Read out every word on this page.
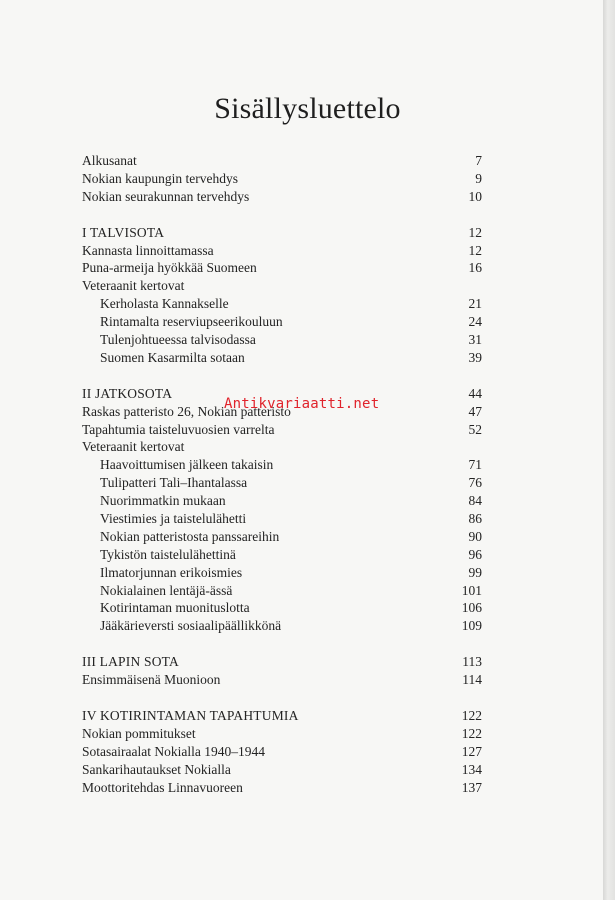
Sisällysluettelo
Alkusanat	7
Nokian kaupungin tervehdys	9
Nokian seurakunnan tervehdys	10
I TALVISOTA	12
Kannasta linnoittamassa	12
Puna-armeija hyökkää Suomeen	16
Veteraanit kertovat
Kerholasta Kannakselle	21
Rintamalta reserviupseerikouluun	24
Tulenjohtueessa talvisodassa	31
Suomen Kasarmilta sotaan	39
II JATKOSOTA	44
Raskas patteristo 26, Nokian patteristo	47
Tapahtumia taisteluvuosien varrelta	52
Veteraanit kertovat
Haavoittumisen jälkeen takaisin	71
Tulipatteri Tali–Ihantalassa	76
Nuorimmatkin mukaan	84
Viestimies ja taistelulähetti	86
Nokian patteristosta panssareihin	90
Tykistön taistelulähettinä	96
Ilmatorjunnan erikoismies	99
Nokialainen lentäjä-ässä	101
Kotirintaman muonituslotta	106
Jääkärieversti sosiaalipäällikkönä	109
III LAPIN SOTA	113
Ensimmäisenä Muonioon	114
IV KOTIRINTAMAN TAPAHTUMIA	122
Nokian pommitukset	122
Sotasairaalat Nokialla 1940–1944	127
Sankarihautaukset Nokialla	134
Moottoritehdas Linnavuoreen	137
Antikvariaatti.net
